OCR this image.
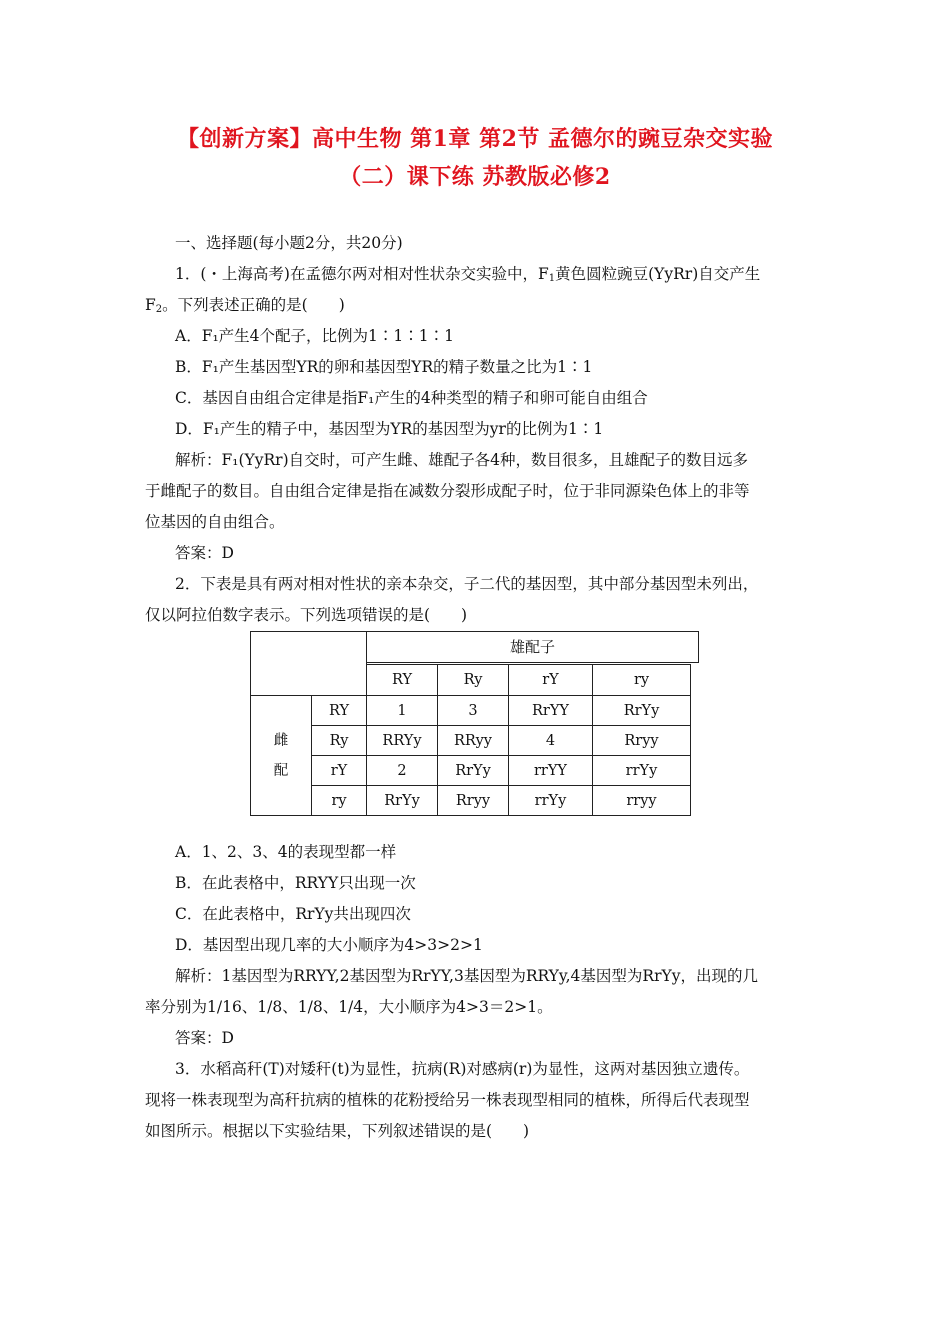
【创新方案】高中生物 第1章 第2节 孟德尔的豌豆杂交实验
（二）课下练 苏教版必修2
一、选择题(每小题2分，共20分)
1．(・上海高考)在孟德尔两对相对性状杂交实验中，$F_1$黄色圆粒豌豆(YyRr)自交产生
$F_2$。下列表述正确的是(　　)
A．F₁产生4个配子，比例为1∶1∶1∶1
B．F₁产生基因型YR的卵和基因型YR的精子数量之比为1∶1
C．基因自由组合定律是指F₁产生的4种类型的精子和卵可能自由组合
D．F₁产生的精子中，基因型为YR的基因型为yr的比例为1∶1
解析：F₁(YyRr)自交时，可产生雌、雄配子各4种，数目很多，且雄配子的数目远多
于雌配子的数目。自由组合定律是指在减数分裂形成配子时，位于非同源染色体上的非等
位基因的自由组合。
答案：D
2．下表是具有两对相对性状的亲本杂交，子二代的基因型，其中部分基因型未列出，
仅以阿拉伯数字表示。下列选项错误的是(　　)

		RY	Ry	rY	ry
雌
配	RY	1	3	RrYY	RrYy
	Ry	RRYy	RRyy	4	Rryy
	rY	2	RrYy	rrYY	rrYy
	ry	RrYy	Rryy	rrYy	rryy
雄配子
A．1、2、3、4的表现型都一样
B．在此表格中，RRYY只出现一次
C．在此表格中，RrYy共出现四次
D．基因型出现几率的大小顺序为4>3>2>1
解析：1基因型为RRYY,2基因型为RrYY,3基因型为RRYy,4基因型为RrYy，出现的几
率分别为1/16、1/8、1/8、1/4，大小顺序为4>3＝2>1。
答案：D
3．水稻高秆(T)对矮秆(t)为显性，抗病(R)对感病(r)为显性，这两对基因独立遗传。
现将一株表现型为高秆抗病的植株的花粉授给另一株表现型相同的植株，所得后代表现型
如图所示。根据以下实验结果，下列叙述错误的是(　　)
